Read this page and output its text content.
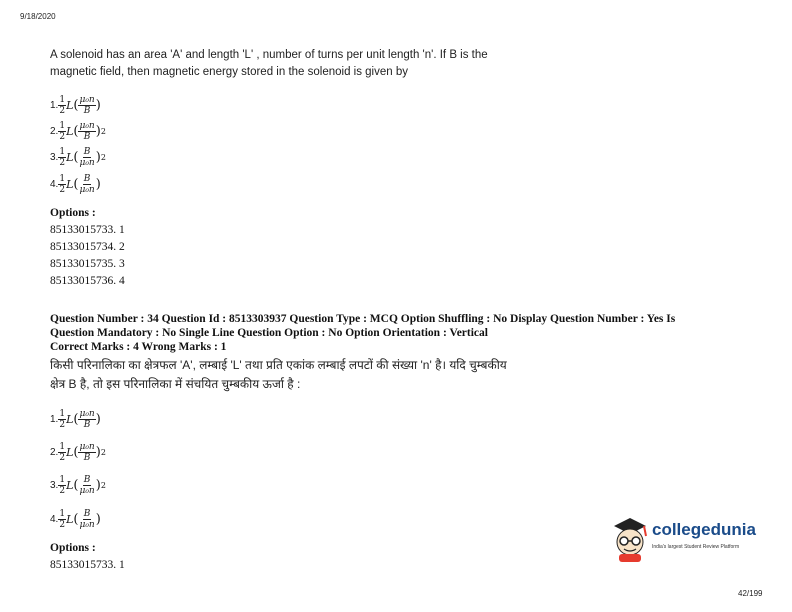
9/18/2020
A solenoid has an area 'A' and length 'L' , number of turns per unit length 'n'. If B is the
magnetic field, then magnetic energy stored in the solenoid is given by
1. $\frac{1}{2}$ L ( $\frac{\text{μ₀n}}{B}$ )
2. $\frac{1}{2}$ L ( $\frac{\text{μ₀n}}{B}$ ) 2
3. $\frac{1}{2}$ L ( $\frac{B}{\text{μ₀n}}$ ) 2
4. $\frac{1}{2}$ L ( $\frac{B}{\text{μ₀n}}$ )
Options :
85133015733. 1
85133015734. 2
85133015735. 3
85133015736. 4
Question Number : 34 Question Id : 8513303937 Question Type : MCQ Option Shuffling : No Display Question Number : Yes Is
Question Mandatory : No Single Line Question Option : No Option Orientation : Vertical
Correct Marks : 4 Wrong Marks : 1
किसी परिनालिका का क्षेत्रफल 'A', लम्बाई 'L' तथा प्रति एकांक लम्बाई लपटों की संख्या 'n' है। यदि चुम्बकीय
क्षेत्र B है, तो इस परिनालिका में संचयित चुम्बकीय ऊर्जा है :
1. $\frac{1}{2}$ L ( $\frac{\text{μ₀n}}{B}$ )
2. $\frac{1}{2}$ L ( $\frac{\text{μ₀n}}{B}$ ) 2
3. $\frac{1}{2}$ L ( $\frac{B}{\text{μ₀n}}$ ) 2
4. $\frac{1}{2}$ L ( $\frac{B}{\text{μ₀n}}$ )
Options :
85133015733. 1
collegedunia
India's largest Student Review Platform
42/199
